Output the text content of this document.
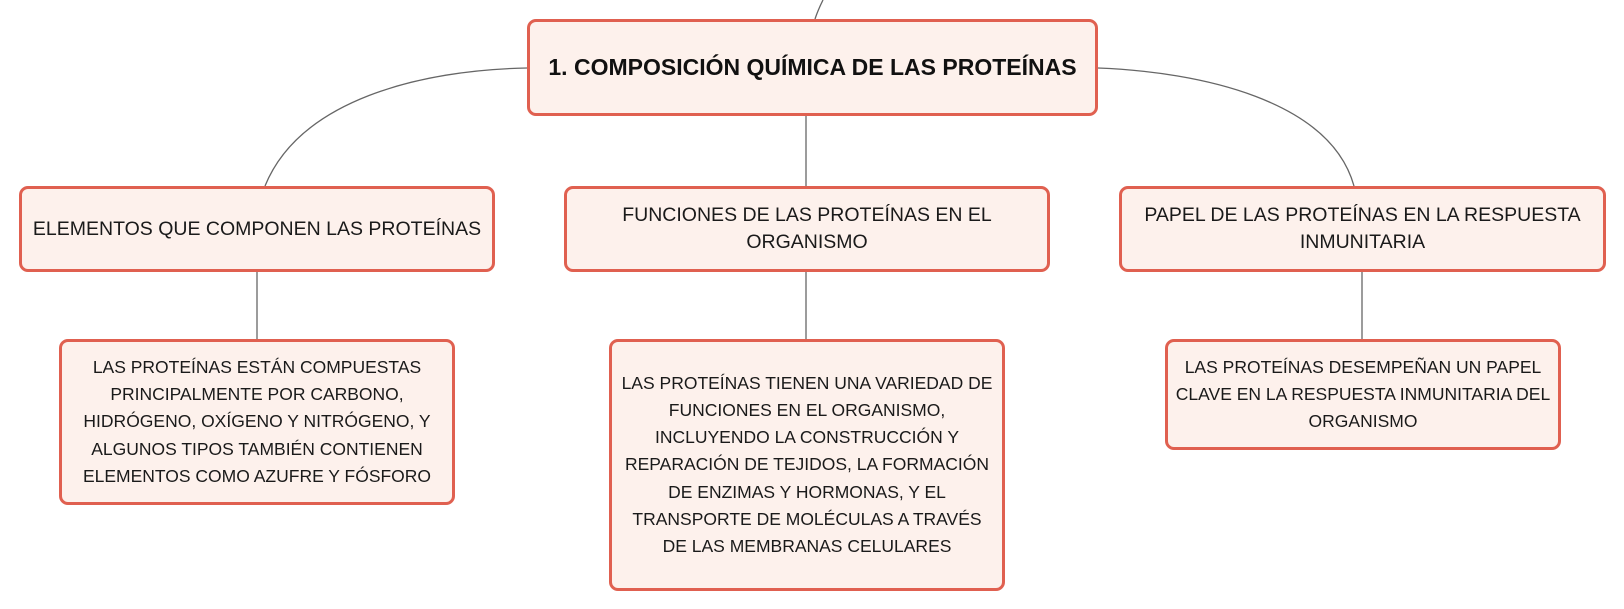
1. COMPOSICIÓN QUÍMICA DE LAS PROTEÍNAS
ELEMENTOS QUE COMPONEN LAS PROTEÍNAS
FUNCIONES DE LAS PROTEÍNAS EN EL ORGANISMO
PAPEL DE LAS PROTEÍNAS EN LA RESPUESTA INMUNITARIA
LAS PROTEÍNAS ESTÁN COMPUESTAS PRINCIPALMENTE POR CARBONO, HIDRÓGENO, OXÍGENO Y NITRÓGENO, Y ALGUNOS TIPOS TAMBIÉN CONTIENEN ELEMENTOS COMO AZUFRE Y FÓSFORO
LAS PROTEÍNAS TIENEN UNA VARIEDAD DE FUNCIONES EN EL ORGANISMO, INCLUYENDO LA CONSTRUCCIÓN Y REPARACIÓN DE TEJIDOS, LA FORMACIÓN DE ENZIMAS Y HORMONAS, Y EL TRANSPORTE DE MOLÉCULAS A TRAVÉS DE LAS MEMBRANAS CELULARES
LAS PROTEÍNAS DESEMPEÑAN UN PAPEL CLAVE EN LA RESPUESTA INMUNITARIA DEL ORGANISMO
